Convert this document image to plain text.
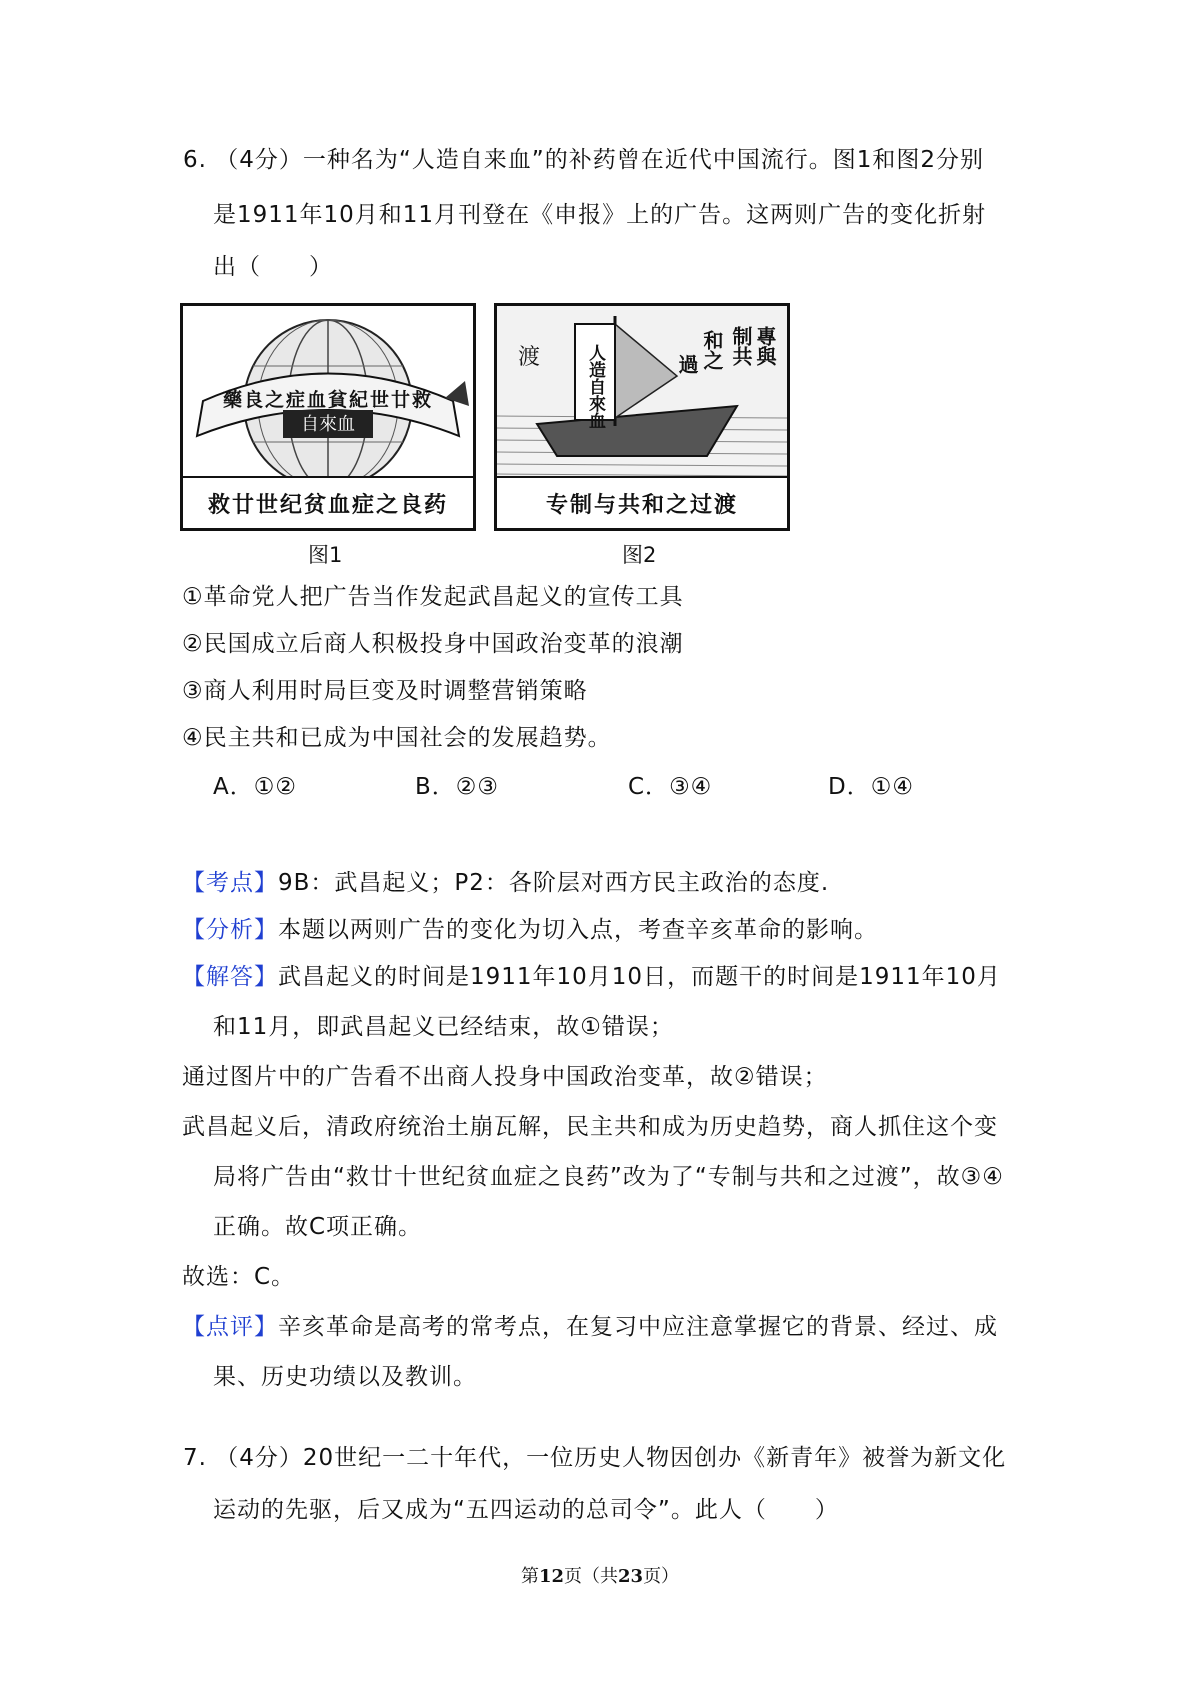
6. （4分）一种名为“人造自来血”的补药曾在近代中国流行。图1和图2分别
是1911年10月和11月刊登在《申报》上的广告。这两则广告的变化折射
出（　　）
自來血
藥良之症血貧紀世廿救
救廿世纪贫血症之良药
图1
人造自來血	專與
制共
和之
過
渡
专制与共和之过渡
图2
①革命党人把广告当作发起武昌起义的宣传工具
②民国成立后商人积极投身中国政治变革的浪潮
③商人利用时局巨变及时调整营销策略
④民主共和已成为中国社会的发展趋势。
A．①②	B．②③	C．③④	D．①④
【考点】9B：武昌起义；P2：各阶层对西方民主政治的态度.
【分析】本题以两则广告的变化为切入点，考查辛亥革命的影响。
【解答】武昌起义的时间是1911年10月10日，而题干的时间是1911年10月
和11月，即武昌起义已经结束，故①错误；
通过图片中的广告看不出商人投身中国政治变革，故②错误；
武昌起义后，清政府统治土崩瓦解，民主共和成为历史趋势，商人抓住这个变
局将广告由“救廿十世纪贫血症之良药”改为了“专制与共和之过渡”，故③④
正确。故C项正确。
故选：C。
【点评】辛亥革命是高考的常考点，在复习中应注意掌握它的背景、经过、成
果、历史功绩以及教训。
7. （4分）20世纪一二十年代，一位历史人物因创办《新青年》被誉为新文化
运动的先驱，后又成为“五四运动的总司令”。此人（　　）
第12页（共23页）
